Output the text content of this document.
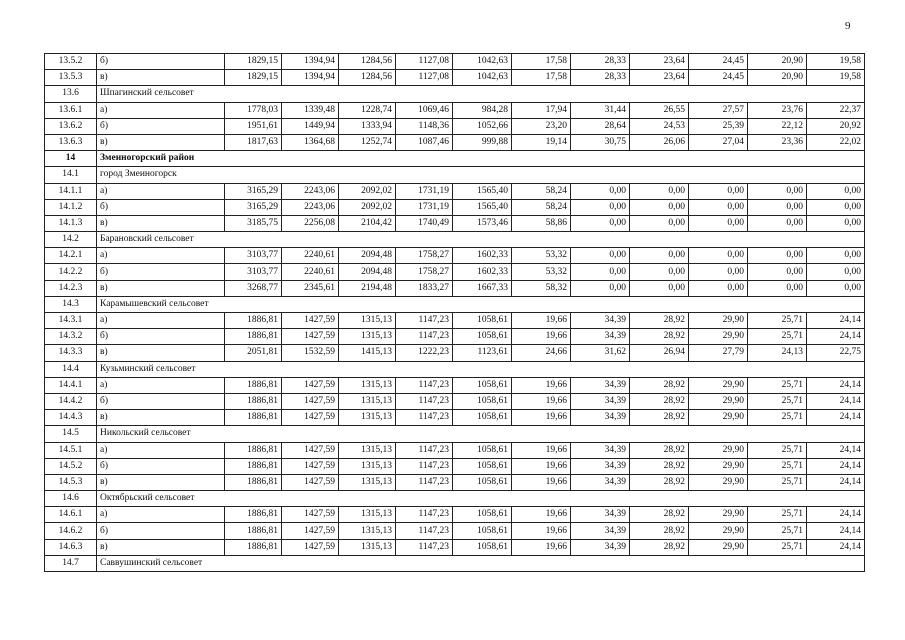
9
13.5.2	б)	1829,15	1394,94	1284,56	1127,08	1042,63	17,58	28,33	23,64	24,45	20,90	19,58
13.5.3	в)	1829,15	1394,94	1284,56	1127,08	1042,63	17,58	28,33	23,64	24,45	20,90	19,58
13.6	Шпагинский сельсовет											
13.6.1	а)	1778,03	1339,48	1228,74	1069,46	984,28	17,94	31,44	26,55	27,57	23,76	22,37
13.6.2	б)	1951,61	1449,94	1333,94	1148,36	1052,66	23,20	28,64	24,53	25,39	22,12	20,92
13.6.3	в)	1817,63	1364,68	1252,74	1087,46	999,88	19,14	30,75	26,06	27,04	23,36	22,02
14	Змеиногорский район											
14.1	город Змеиногорск											
14.1.1	а)	3165,29	2243,06	2092,02	1731,19	1565,40	58,24	0,00	0,00	0,00	0,00	0,00
14.1.2	б)	3165,29	2243,06	2092,02	1731,19	1565,40	58,24	0,00	0,00	0,00	0,00	0,00
14.1.3	в)	3185,75	2256,08	2104,42	1740,49	1573,46	58,86	0,00	0,00	0,00	0,00	0,00
14.2	Барановский сельсовет											
14.2.1	а)	3103,77	2240,61	2094,48	1758,27	1602,33	53,32	0,00	0,00	0,00	0,00	0,00
14.2.2	б)	3103,77	2240,61	2094,48	1758,27	1602,33	53,32	0,00	0,00	0,00	0,00	0,00
14.2.3	в)	3268,77	2345,61	2194,48	1833,27	1667,33	58,32	0,00	0,00	0,00	0,00	0,00
14.3	Карамышевский сельсовет											
14.3.1	а)	1886,81	1427,59	1315,13	1147,23	1058,61	19,66	34,39	28,92	29,90	25,71	24,14
14.3.2	б)	1886,81	1427,59	1315,13	1147,23	1058,61	19,66	34,39	28,92	29,90	25,71	24,14
14.3.3	в)	2051,81	1532,59	1415,13	1222,23	1123,61	24,66	31,62	26,94	27,79	24,13	22,75
14.4	Кузьминский сельсовет											
14.4.1	а)	1886,81	1427,59	1315,13	1147,23	1058,61	19,66	34,39	28,92	29,90	25,71	24,14
14.4.2	б)	1886,81	1427,59	1315,13	1147,23	1058,61	19,66	34,39	28,92	29,90	25,71	24,14
14.4.3	в)	1886,81	1427,59	1315,13	1147,23	1058,61	19,66	34,39	28,92	29,90	25,71	24,14
14.5	Никольский сельсовет											
14.5.1	а)	1886,81	1427,59	1315,13	1147,23	1058,61	19,66	34,39	28,92	29,90	25,71	24,14
14.5.2	б)	1886,81	1427,59	1315,13	1147,23	1058,61	19,66	34,39	28,92	29,90	25,71	24,14
14.5.3	в)	1886,81	1427,59	1315,13	1147,23	1058,61	19,66	34,39	28,92	29,90	25,71	24,14
14.6	Октябрьский сельсовет											
14.6.1	а)	1886,81	1427,59	1315,13	1147,23	1058,61	19,66	34,39	28,92	29,90	25,71	24,14
14.6.2	б)	1886,81	1427,59	1315,13	1147,23	1058,61	19,66	34,39	28,92	29,90	25,71	24,14
14.6.3	в)	1886,81	1427,59	1315,13	1147,23	1058,61	19,66	34,39	28,92	29,90	25,71	24,14
14.7	Саввушинский сельсовет											
